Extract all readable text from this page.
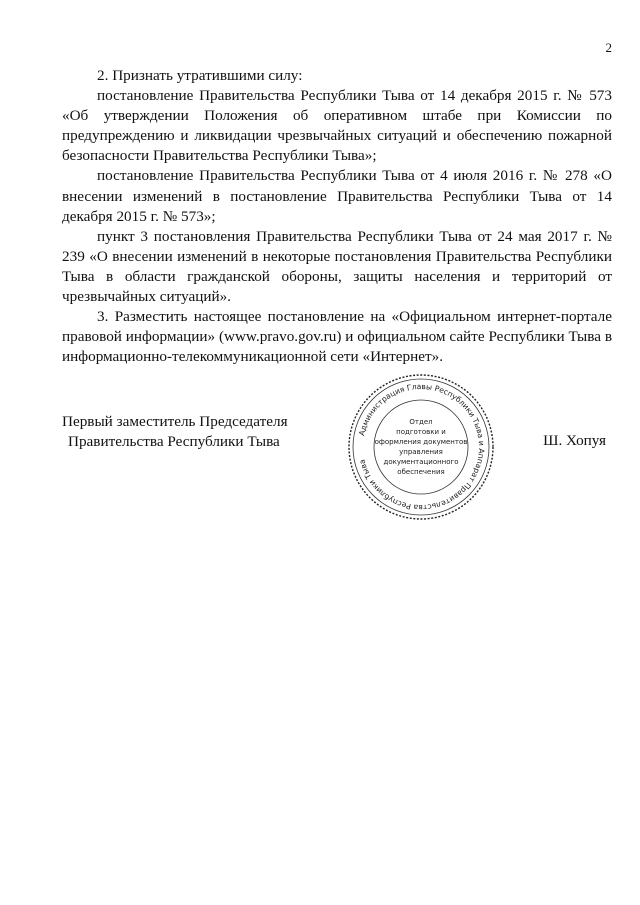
2

2. Признать утратившими силу:

постановление Правительства Республики Тыва от 14 декабря 2015 г. № 573 «Об утверждении Положения об оперативном штабе при Комиссии по предупреждению и ликвидации чрезвычайных ситуаций и обеспечению пожарной безопасности Правительства Республики Тыва»;

постановление Правительства Республики Тыва от 4 июля 2016 г. № 278 «О внесении изменений в постановление Правительства Республики Тыва от 14 декабря 2015 г. № 573»;

пункт 3 постановления Правительства Республики Тыва от 24 мая 2017 г. № 239 «О внесении изменений в некоторые постановления Правительства Республики Тыва в области гражданской обороны, защиты населения и территорий от чрезвычайных ситуаций».

3. Разместить настоящее постановление на «Официальном интернет-портале правовой информации» (www.pravo.gov.ru) и официальном сайте Республики Тыва в информационно-телекоммуникационной сети «Интернет».

Первый заместитель Председателя
Правительства Республики Тыва	Ш. Хопуя
Администрация Главы Республики Тыва и Аппарат Правительства Республики Тыва
Отдел
подготовки и
оформления документов
управления
документационного
обеспечения
